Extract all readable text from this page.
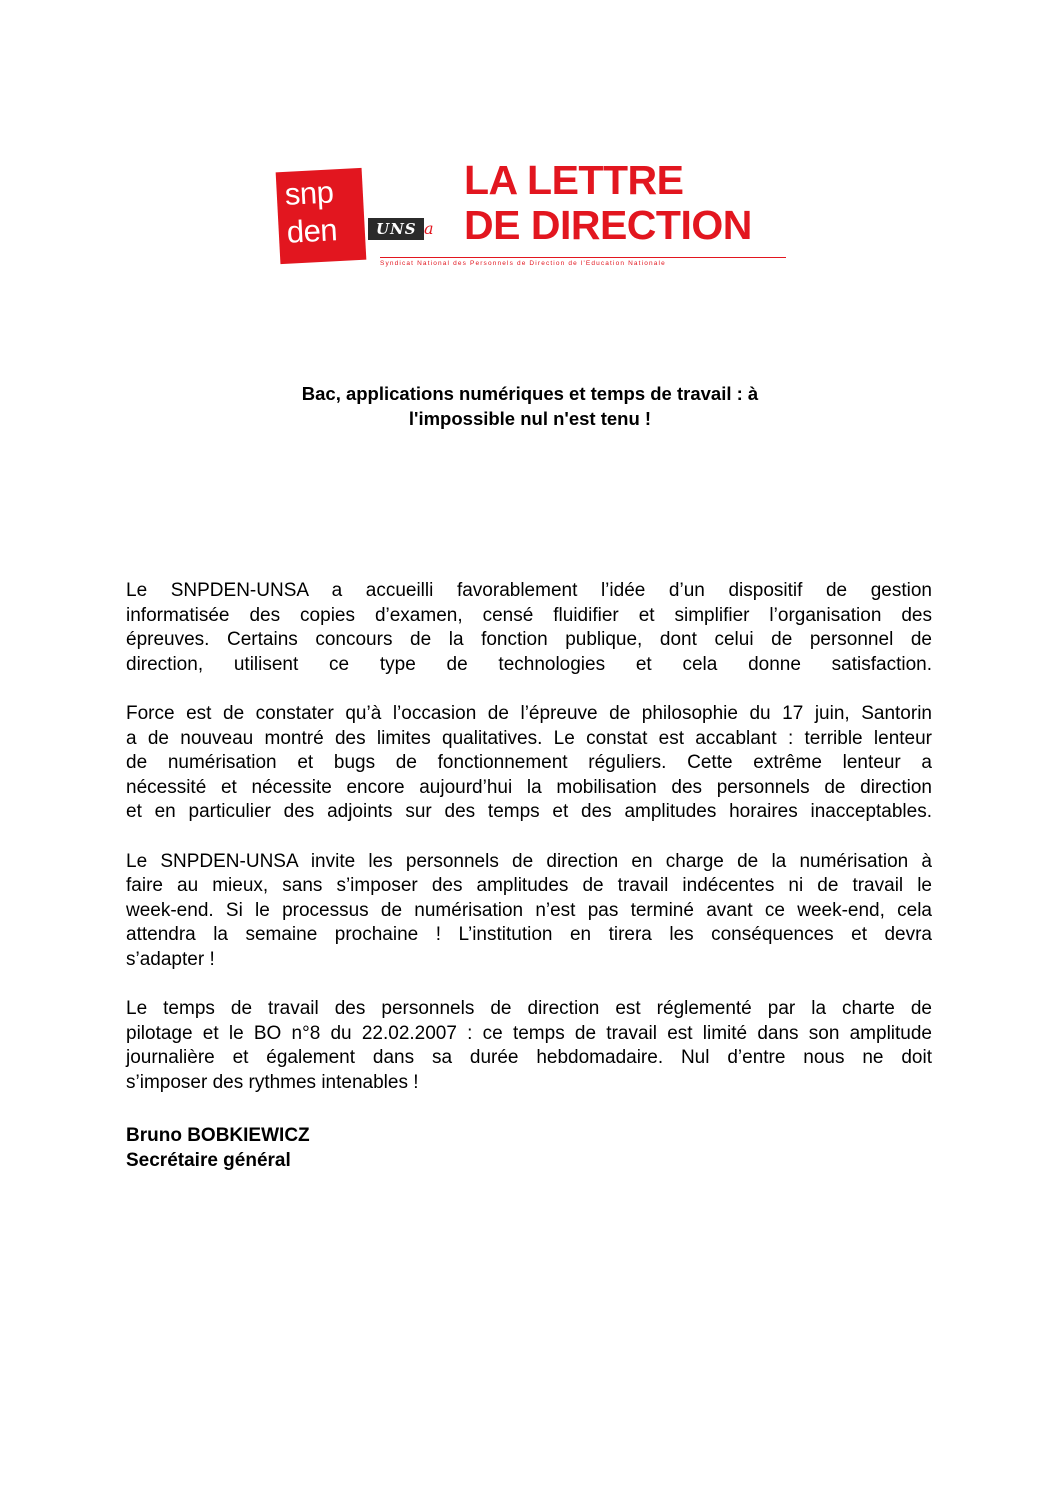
snp
den	UNS a
LA LETTRE
DE DIRECTION
Syndicat National des Personnels de Direction de l'Education Nationale
Bac, applications numériques et temps de travail : à
l'impossible nul n'est tenu !
Le SNPDEN-UNSA a accueilli favorablement l’idée d’un dispositif de gestion
informatisée des copies d’examen, censé fluidifier et simplifier l’organisation des
épreuves. Certains concours de la fonction publique, dont celui de personnel de
direction, utilisent ce type de technologies et cela donne satisfaction.
Force est de constater qu’à l’occasion de l’épreuve de philosophie du 17 juin, Santorin
a de nouveau montré des limites qualitatives. Le constat est accablant : terrible lenteur
de numérisation et bugs de fonctionnement réguliers. Cette extrême lenteur a
nécessité et nécessite encore aujourd’hui la mobilisation des personnels de direction
et en particulier des adjoints sur des temps et des amplitudes horaires inacceptables.
Le SNPDEN-UNSA invite les personnels de direction en charge de la numérisation à
faire au mieux, sans s’imposer des amplitudes de travail indécentes ni de travail le
week-end. Si le processus de numérisation n’est pas terminé avant ce week-end, cela
attendra la semaine prochaine ! L’institution en tirera les conséquences et devra
s’adapter !
Le temps de travail des personnels de direction est réglementé par la charte de
pilotage et le BO n°8 du 22.02.2007 : ce temps de travail est limité dans son amplitude
journalière et également dans sa durée hebdomadaire. Nul d’entre nous ne doit
s’imposer des rythmes intenables !
Bruno BOBKIEWICZ
Secrétaire général
